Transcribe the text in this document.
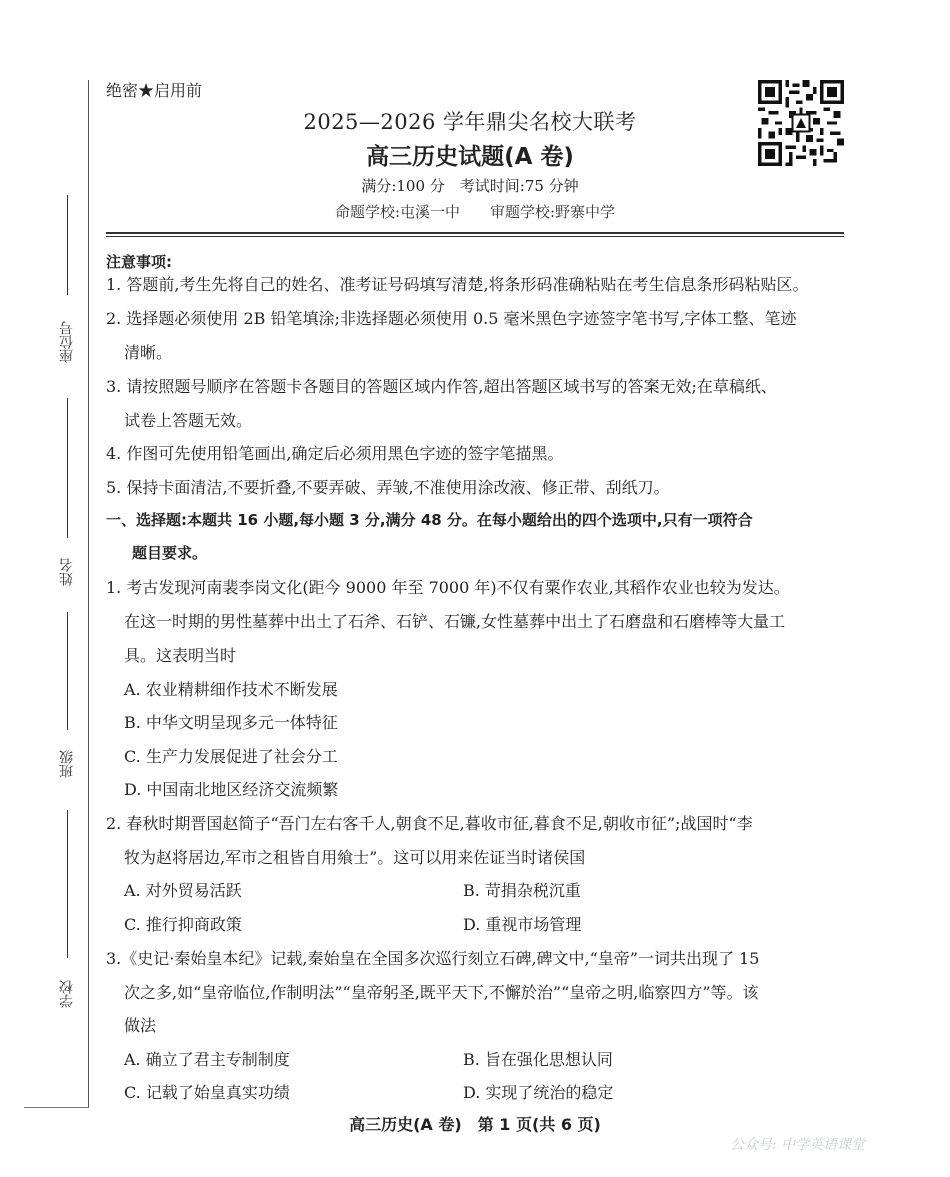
座位号
姓名
班级
学校
绝密★启用前
2025—2026 学年鼎尖名校大联考
高三历史试题(A 卷)
满分:100 分　考试时间:75 分钟
命题学校:屯溪一中　　审题学校:野寨中学
注意事项:
1. 答题前,考生先将自己的姓名、准考证号码填写清楚,将条形码准确粘贴在考生信息条形码粘贴区。
2. 选择题必须使用 2B 铅笔填涂;非选择题必须使用 0.5 毫米黑色字迹签字笔书写,字体工整、笔迹
清晰。
3. 请按照题号顺序在答题卡各题目的答题区域内作答,超出答题区域书写的答案无效;在草稿纸、
试卷上答题无效。
4. 作图可先使用铅笔画出,确定后必须用黑色字迹的签字笔描黑。
5. 保持卡面清洁,不要折叠,不要弄破、弄皱,不准使用涂改液、修正带、刮纸刀。
一、选择题:本题共 16 小题,每小题 3 分,满分 48 分。在每小题给出的四个选项中,只有一项符合
题目要求。
1. 考古发现河南裴李岗文化(距今 9000 年至 7000 年)不仅有粟作农业,其稻作农业也较为发达。
在这一时期的男性墓葬中出土了石斧、石铲、石镰,女性墓葬中出土了石磨盘和石磨棒等大量工
具。这表明当时
A. 农业精耕细作技术不断发展
B. 中华文明呈现多元一体特征
C. 生产力发展促进了社会分工
D. 中国南北地区经济交流频繁
2. 春秋时期晋国赵简子“吾门左右客千人,朝食不足,暮收市征,暮食不足,朝收市征”;战国时“李
牧为赵将居边,军市之租皆自用飨士”。这可以用来佐证当时诸侯国
A. 对外贸易活跃	B. 苛捐杂税沉重
C. 推行抑商政策	D. 重视市场管理
3.《史记·秦始皇本纪》记载,秦始皇在全国多次巡行刻立石碑,碑文中,“皇帝”一词共出现了 15
次之多,如“皇帝临位,作制明法”“皇帝躬圣,既平天下,不懈於治”“皇帝之明,临察四方”等。该
做法
A. 确立了君主专制制度	B. 旨在强化思想认同
C. 记载了始皇真实功绩	D. 实现了统治的稳定
高三历史(A 卷)　第 1 页(共 6 页)
公众号: 中学英语课堂
